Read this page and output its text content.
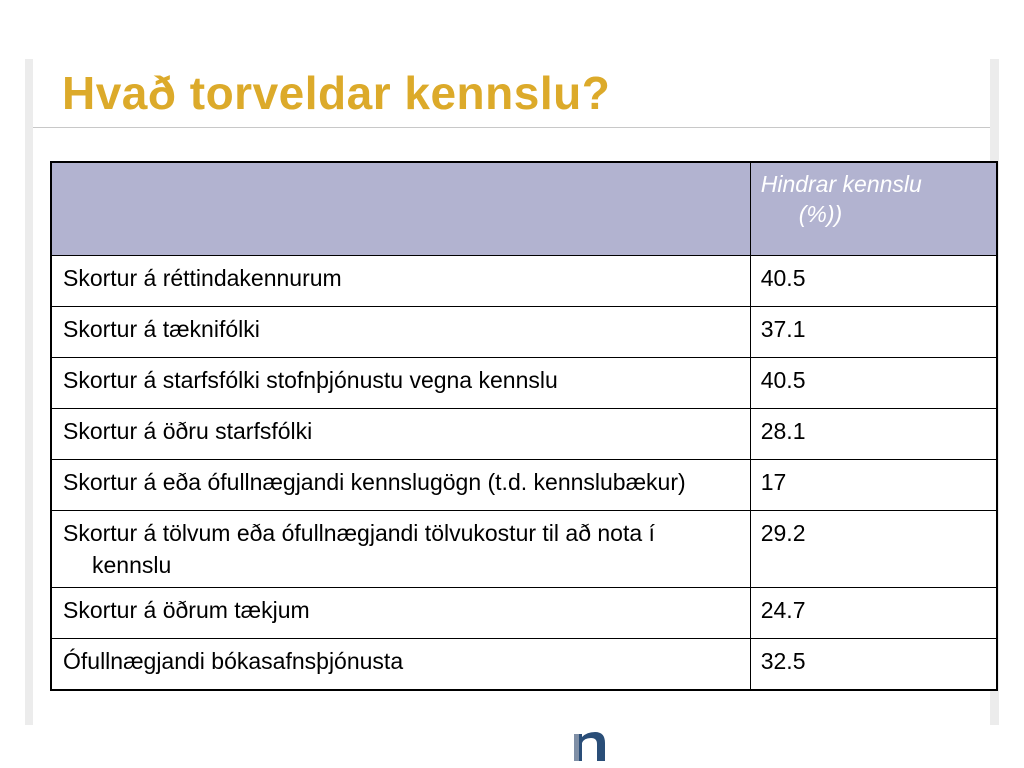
Hvað torveldar kennslu?
	Hindrar kennslu
(%))

Skortur á réttindakennurum	40.5
Skortur á tæknifólki	37.1
Skortur á starfsfólki stofnþjónustu vegna kennslu	40.5
Skortur á öðru starfsfólki	28.1
Skortur á eða ófullnægjandi kennslugögn (t.d. kennslubækur)	17
Skortur á tölvum eða ófullnægjandi tölvukostur til að nota í kennslu	29.2
Skortur á öðrum tækjum	24.7
Ófullnægjandi bókasafnsþjónusta	32.5
